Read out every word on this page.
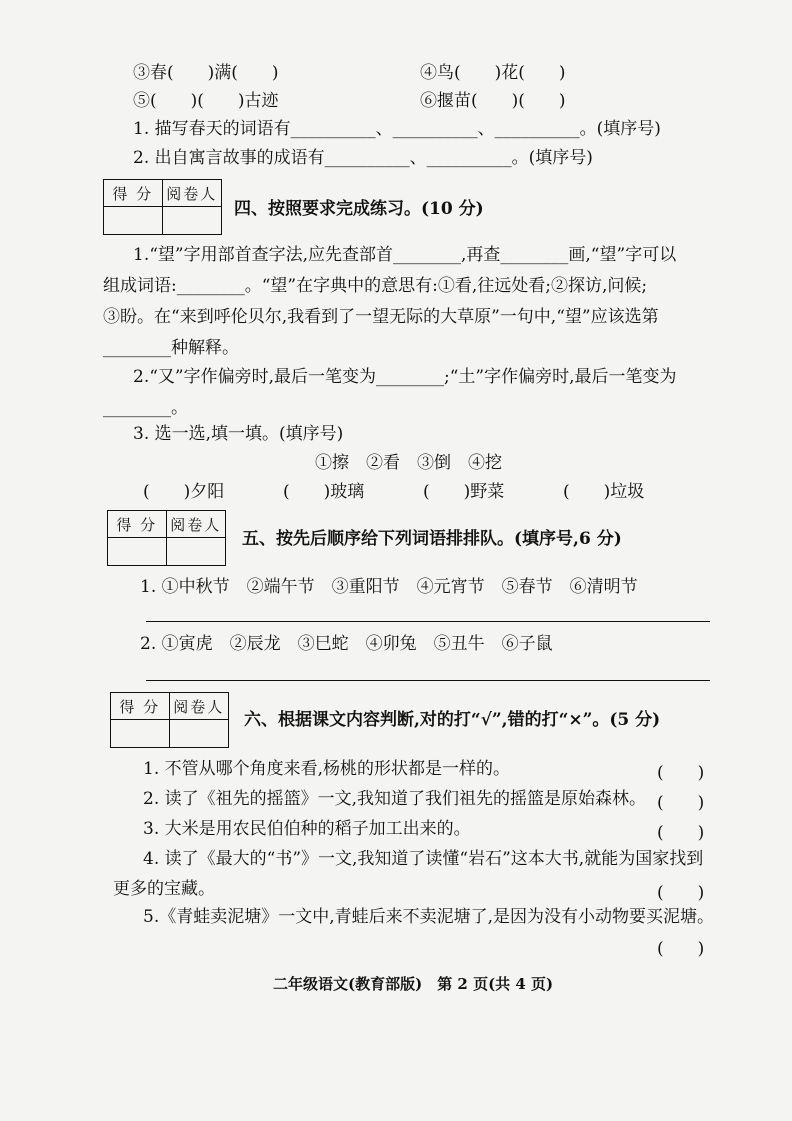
③春(　　)满(　　)	④鸟(　　)花(　　)
⑤(　　)(　　)古迹	⑥揠苗(　　)(　　)
1. 描写春天的词语有__________、__________、__________。(填序号)
2. 出自寓言故事的成语有__________、__________。(填序号)
得 分 阅卷人
四、按照要求完成练习。(10 分)
1.“望”字用部首查字法,应先查部首________,再查________画,“望”字可以
组成词语:________。“望”在字典中的意思有:①看,往远处看;②探访,问候;
③盼。在“来到呼伦贝尔,我看到了一望无际的大草原”一句中,“望”应该选第
________种解释。
2.“又”字作偏旁时,最后一笔变为________;“土”字作偏旁时,最后一笔变为
________。
3. 选一选,填一填。(填序号)
①擦　②看　③倒　④挖
(　　)夕阳	(　　)玻璃	(　　)野菜	(　　)垃圾
得 分 阅卷人
五、按先后顺序给下列词语排排队。(填序号,6 分)
1. ①中秋节　②端午节　③重阳节　④元宵节　⑤春节　⑥清明节
2. ①寅虎　②辰龙　③巳蛇　④卯兔　⑤丑牛　⑥子鼠
得 分 阅卷人
六、根据课文内容判断,对的打“√”,错的打“×”。(5 分)
1. 不管从哪个角度来看,杨桃的形状都是一样的。	(　　)
2. 读了《祖先的摇篮》一文,我知道了我们祖先的摇篮是原始森林。 (　　)
3. 大米是用农民伯伯种的稻子加工出来的。	(　　)
4. 读了《最大的“书”》一文,我知道了读懂“岩石”这本大书,就能为国家找到
更多的宝藏。	(　　)
5.《青蛙卖泥塘》一文中,青蛙后来不卖泥塘了,是因为没有小动物要买泥塘。
(　　)
二年级语文(教育部版)　第 2 页(共 4 页)
